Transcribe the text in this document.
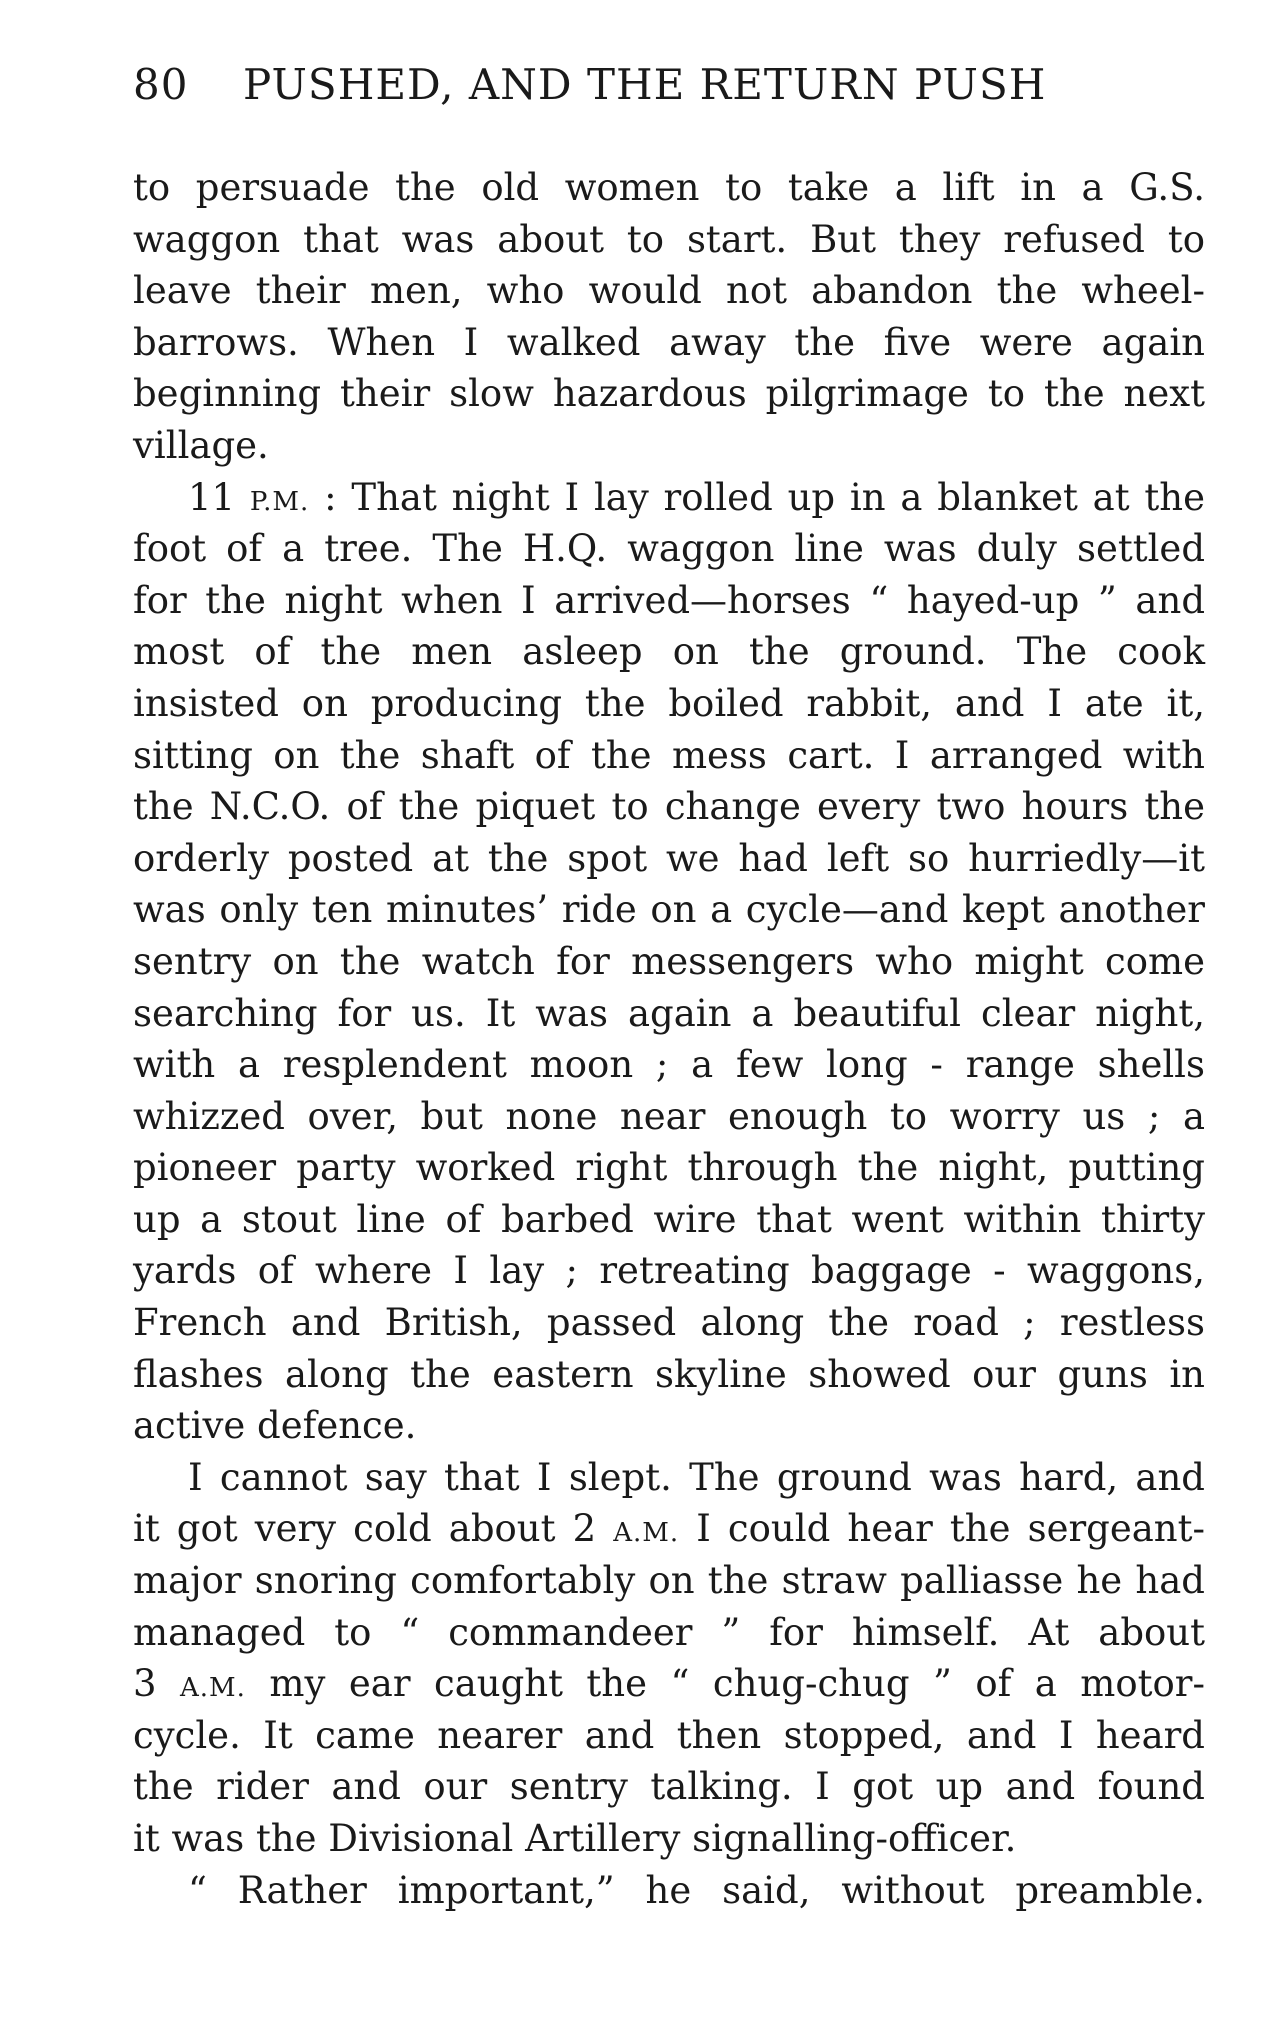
80 PUSHED, AND THE RETURN PUSH
to persuade the old women to take a lift in a G.S.
waggon that was about to start. But they refused to
leave their men, who would not abandon the wheel-
barrows. When I walked away the five were again
beginning their slow hazardous pilgrimage to the next
village.
11 P.M. : That night I lay rolled up in a blanket at the
foot of a tree. The H.Q. waggon line was duly settled
for the night when I arrived—horses “ hayed-up ” and
most of the men asleep on the ground. The cook
insisted on producing the boiled rabbit, and I ate it,
sitting on the shaft of the mess cart. I arranged with
the N.C.O. of the piquet to change every two hours the
orderly posted at the spot we had left so hurriedly—it
was only ten minutes’ ride on a cycle—and kept another
sentry on the watch for messengers who might come
searching for us. It was again a beautiful clear night,
with a resplendent moon ; a few long - range shells
whizzed over, but none near enough to worry us ; a
pioneer party worked right through the night, putting
up a stout line of barbed wire that went within thirty
yards of where I lay ; retreating baggage - waggons,
French and British, passed along the road ; restless
flashes along the eastern skyline showed our guns in
active defence.
I cannot say that I slept. The ground was hard, and
it got very cold about 2 A.M. I could hear the sergeant-
major snoring comfortably on the straw palliasse he had
managed to “ commandeer ” for himself. At about
3 A.M. my ear caught the “ chug-chug ” of a motor-
cycle. It came nearer and then stopped, and I heard
the rider and our sentry talking. I got up and found
it was the Divisional Artillery signalling-officer.
“ Rather important,” he said, without preamble.
